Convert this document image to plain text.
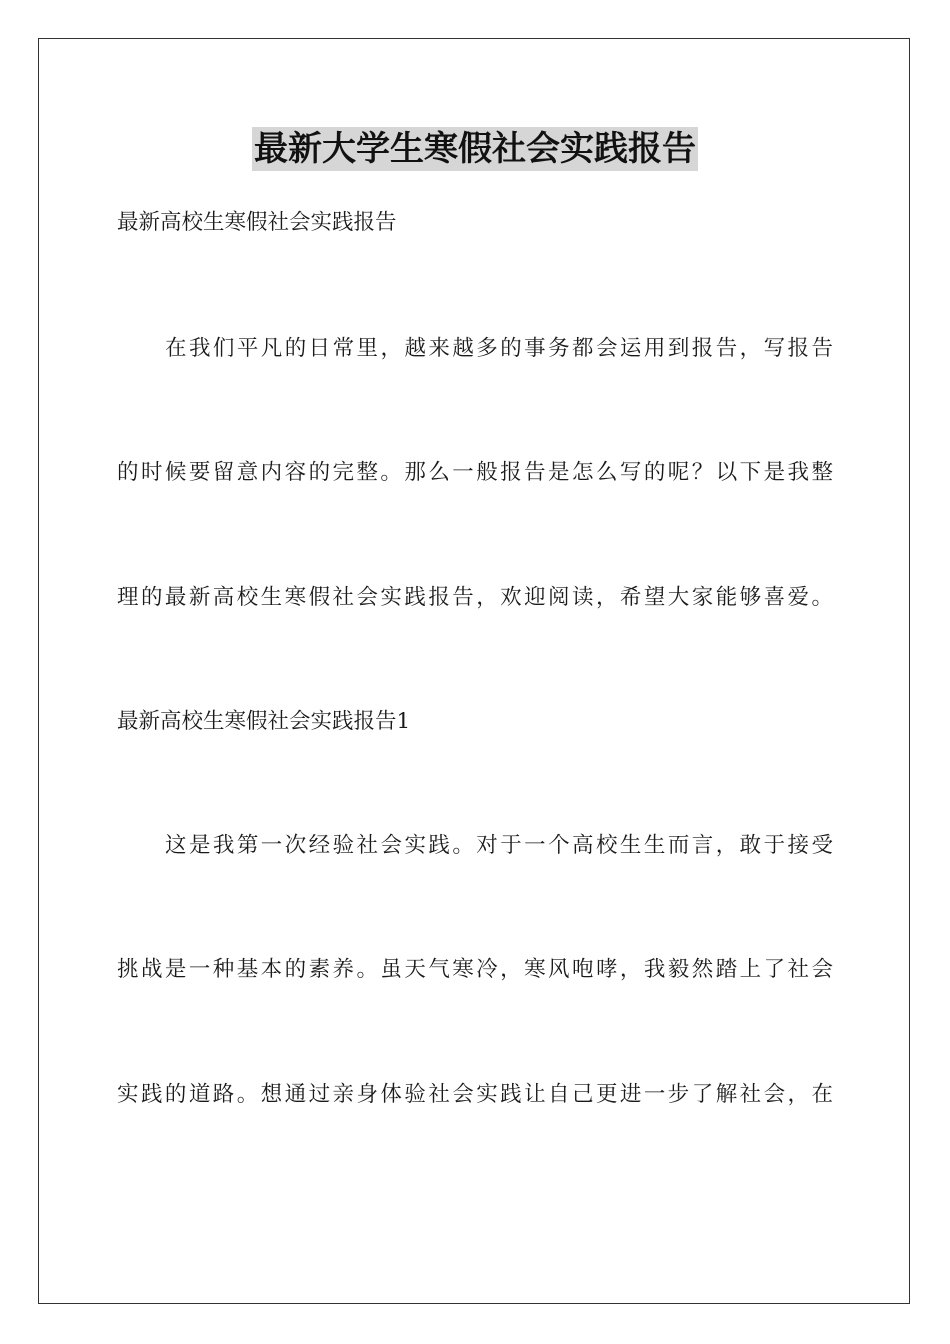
最新大学生寒假社会实践报告
最新高校生寒假社会实践报告
在我们平凡的日常里，越来越多的事务都会运用到报告，写报告
的时候要留意内容的完整。那么一般报告是怎么写的呢？以下是我整
理的最新高校生寒假社会实践报告，欢迎阅读，希望大家能够喜爱。
最新高校生寒假社会实践报告1
这是我第一次经验社会实践。对于一个高校生生而言，敢于接受
挑战是一种基本的素养。虽天气寒冷，寒风咆哮，我毅然踏上了社会
实践的道路。想通过亲身体验社会实践让自己更进一步了解社会，在
